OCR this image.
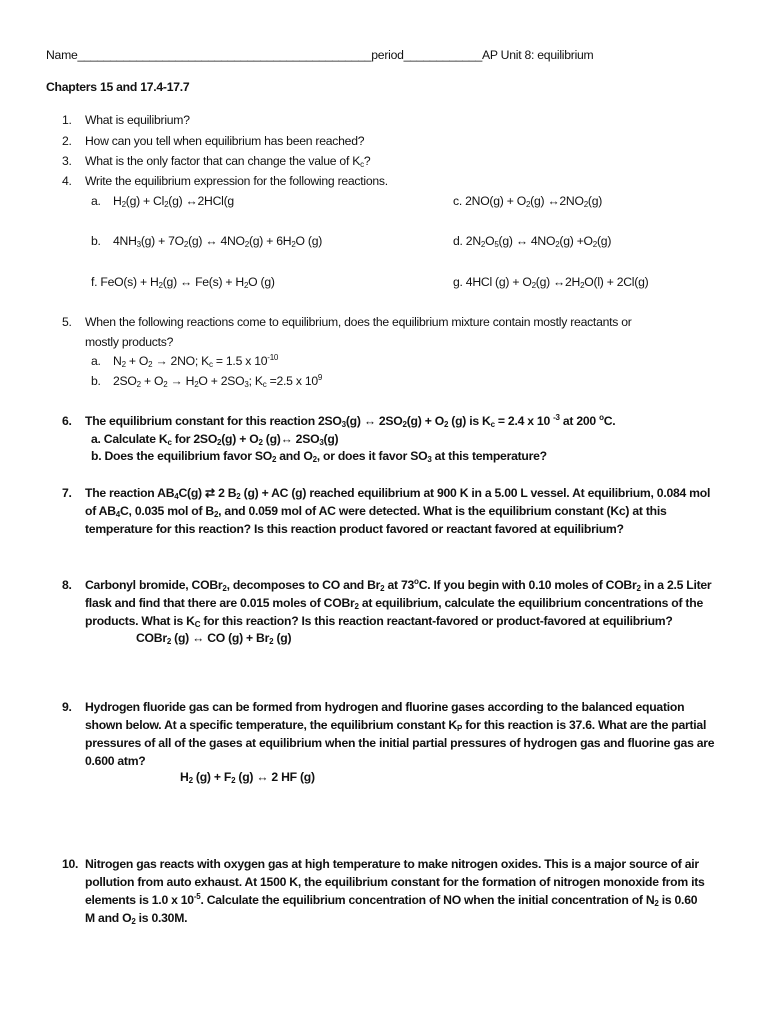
Name_____________________________________________period____________AP Unit 8: equilibrium
Chapters 15 and 17.4-17.7
1. What is equilibrium?
2. How can you tell when equilibrium has been reached?
3. What is the only factor that can change the value of $K_c$?
4. Write the equilibrium expression for the following reactions.
a. $H_2(g) + Cl_2(g)$ ↔2HCl(g	c. $2NO(g) + O_2(g)$ $\leftrightarrow 2NO_2(g)$
b. $4NH_3(g) + 7O_2(g)$ ↔ $4NO_2(g) + 6H_2O$ (g)	d. $2N_2O_5(g)$ ↔ $4NO_2(g) +O_2(g)$
f. $FeO(s) + H_2(g)$ ↔ $Fe(s) + H_2O$ (g)	g. 4HCl $(g) + O_2(g)$ $\leftrightarrow 2H_2O(l) + 2Cl(g)$
5. When the following reactions come to equilibrium, does the equilibrium mixture contain mostly reactants or
mostly products?
a. $N_2 + O_2 \to 2NO$; $K_c = 1.5$ x $10^{-10}$
b. $2SO_2 + O_2 \to H_2O + 2SO_3$; $K_c =2.5$ x $10^9$
6. The equilibrium constant for this reaction $2SO_3(g)$ ↔ $2SO_2(g) + O_2$ (g) is $K_c = 2.4$ x 10 $^{-3}$ at 200 $^o$C.
a. Calculate $K_c$ for $2SO_2(g) + O_2$ (g)↔ $2SO_3(g)$
b. Does the equilibrium favor $SO_2$ and $O_2$, or does it favor $SO_3$ at this temperature?
7. The reaction $AB_4C(g)$ ⇄ 2 $B_2$ (g) + AC (g) reached equilibrium at 900 K in a 5.00 L vessel. At equilibrium, 0.084 mol
of $AB_4C$, 0.035 mol of $B_2$, and 0.059 mol of AC were detected. What is the equilibrium constant (Kc) at this
temperature for this reaction? Is this reaction product favored or reactant favored at equilibrium?
8. Carbonyl bromide, COBr$_2$, decomposes to CO and $Br_2$ at 73$^o$C. If you begin with 0.10 moles of COBr$_2$ in a 2.5 Liter
flask and find that there are 0.015 moles of COBr$_2$ at equilibrium, calculate the equilibrium concentrations of the
products. What is $K_C$ for this reaction? Is this reaction reactant-favored or product-favored at equilibrium?
COBr$_2$ (g) ↔ CO $(g) + Br_2$ (g)
9. Hydrogen fluoride gas can be formed from hydrogen and fluorine gases according to the balanced equation
shown below. At a specific temperature, the equilibrium constant $K_P$ for this reaction is 37.6. What are the partial
pressures of all of the gases at equilibrium when the initial partial pressures of hydrogen gas and fluorine gas are
0.600 atm?
$H_2$ $(g) + F_2$ (g) ↔ 2 HF (g)
10. Nitrogen gas reacts with oxygen gas at high temperature to make nitrogen oxides. This is a major source of air
pollution from auto exhaust. At 1500 K, the equilibrium constant for the formation of nitrogen monoxide from its
elements is 1.0 x $10^{-5}$. Calculate the equilibrium concentration of NO when the initial concentration of $N_2$ is 0.60
M and $O_2$ is 0.30M.
